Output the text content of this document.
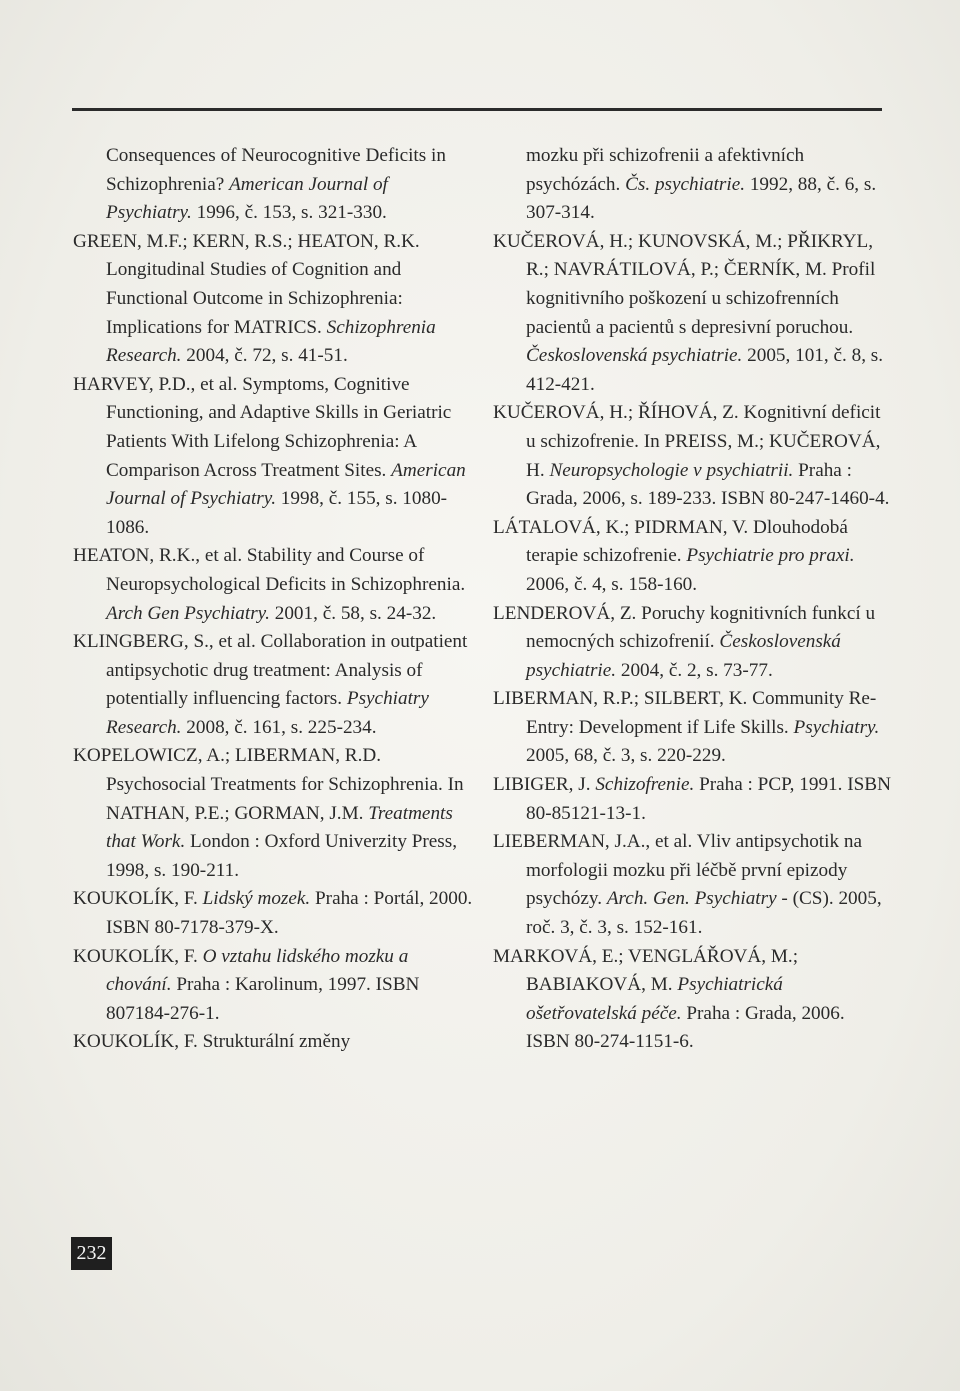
Consequences of Neurocognitive Deficits in Schizophrenia? American Journal of Psychiatry. 1996, č. 153, s. 321-330.

GREEN, M.F.; KERN, R.S.; HEATON, R.K. Longitudinal Studies of Cognition and Functional Outcome in Schizophrenia: Implications for MATRICS. Schizophrenia Research. 2004, č. 72, s. 41-51.

HARVEY, P.D., et al. Symptoms, Cognitive Functioning, and Adaptive Skills in Geriatric Patients With Lifelong Schizophrenia: A Comparison Across Treatment Sites. American Journal of Psychiatry. 1998, č. 155, s. 1080-1086.

HEATON, R.K., et al. Stability and Course of Neuropsychological Deficits in Schizophrenia. Arch Gen Psychiatry. 2001, č. 58, s. 24-32.

KLINGBERG, S., et al. Collaboration in outpatient antipsychotic drug treatment: Analysis of potentially influencing factors. Psychiatry Research. 2008, č. 161, s. 225-234.

KOPELOWICZ, A.; LIBERMAN, R.D. Psychosocial Treatments for Schizophrenia. In NATHAN, P.E.; GORMAN, J.M. Treatments that Work. London : Oxford Univerzity Press, 1998, s. 190-211.

KOUKOLÍK, F. Lidský mozek. Praha : Portál, 2000. ISBN 80-7178-379-X.

KOUKOLÍK, F. O vztahu lidského mozku a chování. Praha : Karolinum, 1997. ISBN 807184-276-1.

KOUKOLÍK, F. Strukturální změny

mozku při schizofrenii a afektivních psychózách. Čs. psychiatrie. 1992, 88, č. 6, s. 307-314.

KUČEROVÁ, H.; KUNOVSKÁ, M.; PŘIKRYL, R.; NAVRÁTILOVÁ, P.; ČERNÍK, M. Profil kognitivního poškození u schizofrenních pacientů a pacientů s depresivní poruchou. Československá psychiatrie. 2005, 101, č. 8, s. 412-421.

KUČEROVÁ, H.; ŘÍHOVÁ, Z. Kognitivní deficit u schizofrenie. In PREISS, M.; KUČEROVÁ, H. Neuropsychologie v psychiatrii. Praha : Grada, 2006, s. 189-233. ISBN 80-247-1460-4.

LÁTALOVÁ, K.; PIDRMAN, V. Dlouhodobá terapie schizofrenie. Psychiatrie pro praxi. 2006, č. 4, s. 158-160.

LENDEROVÁ, Z. Poruchy kognitivních funkcí u nemocných schizofrenií. Československá psychiatrie. 2004, č. 2, s. 73-77.

LIBERMAN, R.P.; SILBERT, K. Community Re-Entry: Development if Life Skills. Psychiatry. 2005, 68, č. 3, s. 220-229.

LIBIGER, J. Schizofrenie. Praha : PCP, 1991. ISBN 80-85121-13-1.

LIEBERMAN, J.A., et al. Vliv antipsychotik na morfologii mozku při léčbě první epizody psychózy. Arch. Gen. Psychiatry - (CS). 2005, roč. 3, č. 3, s. 152-161.

MARKOVÁ, E.; VENGLÁŘOVÁ, M.; BABIAKOVÁ, M. Psychiatrická ošetřovatelská péče. Praha : Grada, 2006. ISBN 80-274-1151-6.

232
